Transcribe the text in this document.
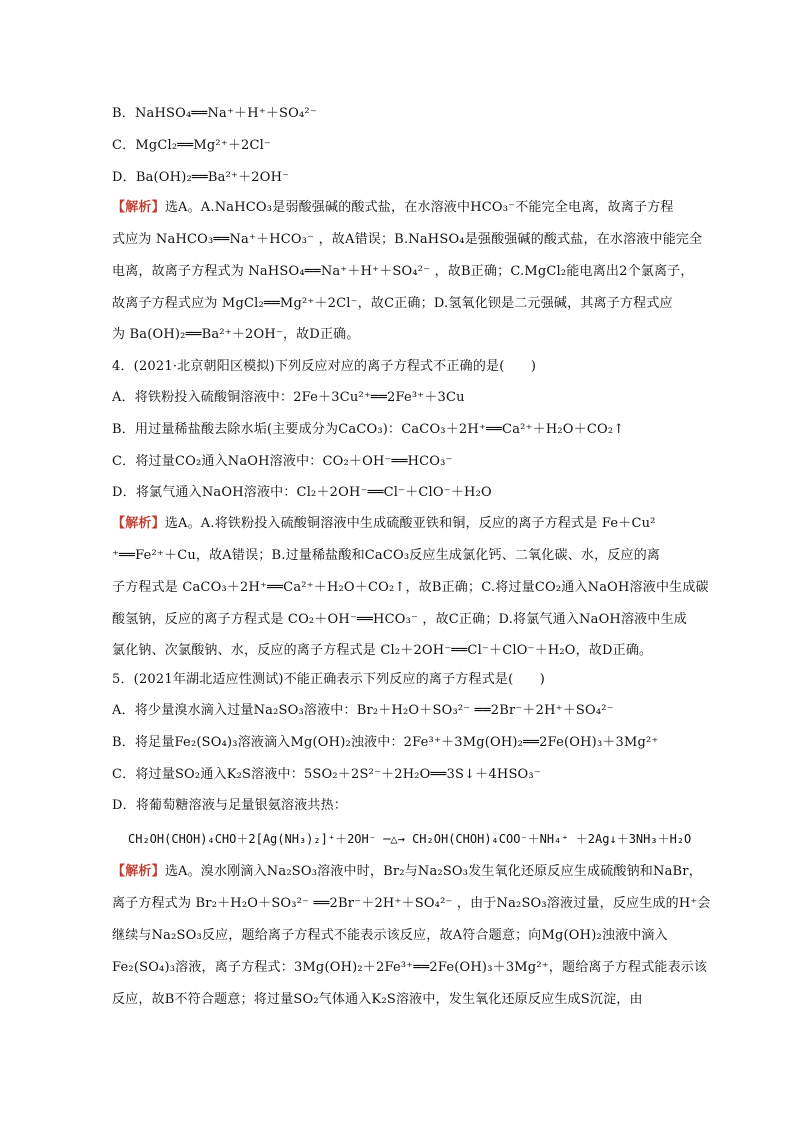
B．NaHSO₄══Na⁺＋H⁺＋SO₄²⁻
C．MgCl₂══Mg²⁺＋2Cl⁻
D．Ba(OH)₂══Ba²⁺＋2OH⁻
【解析】选A。A.NaHCO₃是弱酸强碱的酸式盐，在水溶液中HCO₃⁻不能完全电离，故离子方程
式应为 NaHCO₃══Na⁺＋HCO₃⁻ ，故A错误；B.NaHSO₄是强酸强碱的酸式盐，在水溶液中能完全
电离，故离子方程式为 NaHSO₄══Na⁺＋H⁺＋SO₄²⁻ ，故B正确；C.MgCl₂能电离出2个氯离子，
故离子方程式应为 MgCl₂══Mg²⁺＋2Cl⁻，故C正确；D.氢氧化钡是二元强碱，其离子方程式应
为 Ba(OH)₂══Ba²⁺＋2OH⁻，故D正确。
4．(2021·北京朝阳区模拟)下列反应对应的离子方程式不正确的是(　　)
A．将铁粉投入硫酸铜溶液中：2Fe＋3Cu²⁺══2Fe³⁺＋3Cu
B．用过量稀盐酸去除水垢(主要成分为CaCO₃)：CaCO₃＋2H⁺══Ca²⁺＋H₂O＋CO₂↑
C．将过量CO₂通入NaOH溶液中：CO₂＋OH⁻══HCO₃⁻
D．将氯气通入NaOH溶液中：Cl₂＋2OH⁻══Cl⁻＋ClO⁻＋H₂O
【解析】选A。A.将铁粉投入硫酸铜溶液中生成硫酸亚铁和铜，反应的离子方程式是 Fe＋Cu²
⁺══Fe²⁺＋Cu，故A错误；B.过量稀盐酸和CaCO₃反应生成氯化钙、二氧化碳、水，反应的离
子方程式是 CaCO₃＋2H⁺══Ca²⁺＋H₂O＋CO₂↑，故B正确；C.将过量CO₂通入NaOH溶液中生成碳
酸氢钠，反应的离子方程式是 CO₂＋OH⁻══HCO₃⁻ ，故C正确；D.将氯气通入NaOH溶液中生成
氯化钠、次氯酸钠、水，反应的离子方程式是 Cl₂＋2OH⁻══Cl⁻＋ClO⁻＋H₂O，故D正确。
5．(2021年湖北适应性测试)不能正确表示下列反应的离子方程式是(　　)
A．将少量溴水滴入过量Na₂SO₃溶液中：Br₂＋H₂O＋SO₃²⁻ ══2Br⁻＋2H⁺＋SO₄²⁻
B．将足量Fe₂(SO₄)₃溶液滴入Mg(OH)₂浊液中：2Fe³⁺＋3Mg(OH)₂══2Fe(OH)₃＋3Mg²⁺
C．将过量SO₂通入K₂S溶液中：5SO₂＋2S²⁻＋2H₂O══3S↓＋4HSO₃⁻
D．将葡萄糖溶液与足量银氨溶液共热：
CH₂OH(CHOH)₄CHO＋2[Ag(NH₃)₂]⁺＋2OH⁻ ─△→ CH₂OH(CHOH)₄COO⁻＋NH₄⁺ ＋2Ag↓＋3NH₃＋H₂O
【解析】选A。溴水刚滴入Na₂SO₃溶液中时，Br₂与Na₂SO₃发生氧化还原反应生成硫酸钠和NaBr，
离子方程式为 Br₂＋H₂O＋SO₃²⁻ ══2Br⁻＋2H⁺＋SO₄²⁻ ，由于Na₂SO₃溶液过量，反应生成的H⁺会
继续与Na₂SO₃反应，题给离子方程式不能表示该反应，故A符合题意；向Mg(OH)₂浊液中滴入
Fe₂(SO₄)₃溶液，离子方程式：3Mg(OH)₂＋2Fe³⁺══2Fe(OH)₃＋3Mg²⁺，题给离子方程式能表示该
反应，故B不符合题意；将过量SO₂气体通入K₂S溶液中，发生氧化还原反应生成S沉淀，由
